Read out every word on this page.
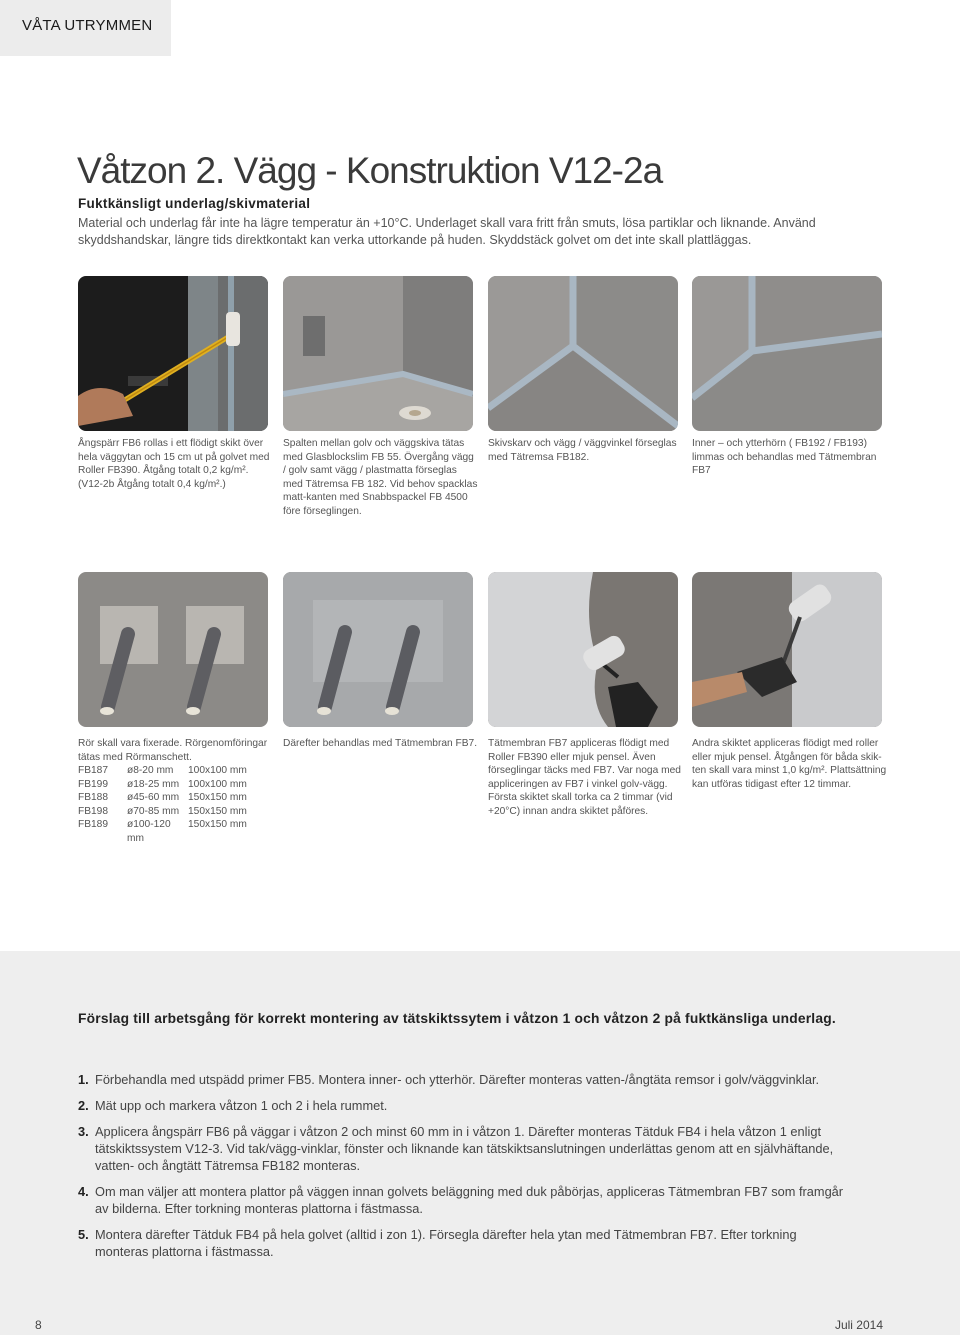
VÅTA UTRYMMEN
Våtzon 2. Vägg - Konstruktion V12-2a
Fuktkänsligt underlag/skivmaterial

Material och underlag får inte ha lägre temperatur än +10°C. Underlaget skall vara fritt från smuts, lösa partiklar och liknande. Använd skyddshandskar, längre tids direktkontakt kan verka uttorkande på huden. Skyddstäck golvet om det inte skall plattläggas.

Ångspärr FB6 rollas i ett flödigt skikt över hela väggytan och 15 cm ut på golvet med Roller FB390. Åtgång totalt 0,2 kg/m². (V12-2b Åtgång totalt 0,4 kg/m².)

Spalten mellan golv och väggskiva tätas med Glasblockslim FB 55. Övergång vägg / golv samt vägg / plastmatta förseglas med Tätremsa FB 182. Vid behov spacklas matt-kanten med Snabbspackel FB 4500 före förseglingen.

Skivskarv och vägg / väggvinkel förseglas med Tätremsa FB182.

Inner – och ytterhörn ( FB192 / FB193) limmas och behandlas med Tätmembran FB7

Rör skall vara fixerade. Rörgenomföringar tätas med Rörmanschett.

FB187	ø8-20 mm	100x100 mm
FB199	ø18-25 mm	100x100 mm
FB188	ø45-60 mm	150x150 mm
FB198	ø70-85 mm	150x150 mm
FB189	ø100-120 mm	150x150 mm

Därefter behandlas med Tätmembran FB7. Tätmembran FB7 appliceras flödigt med Roller FB390 eller mjuk pensel. Även förseglingar täcks med FB7. Var noga med appliceringen av FB7 i vinkel golv-vägg. Första skiktet skall torka ca 2 timmar (vid +20°C) innan andra skiktet påföres.

Andra skiktet appliceras flödigt med roller eller mjuk pensel. Åtgången för båda skik-ten skall vara minst 1,0 kg/m². Plattsättning kan utföras tidigast efter 12 timmar.

Förslag till arbetsgång för korrekt montering av tätskiktssytem i våtzon 1 och våtzon 2 på fuktkänsliga underlag.

1. Förbehandla med utspädd primer FB5. Montera inner- och ytterhör. Därefter monteras vatten-/ångtäta remsor i golv/väggvinklar.
2. Mät upp och markera våtzon 1 och 2 i hela rummet.
3. Applicera ångspärr FB6 på väggar i våtzon 2 och minst 60 mm in i våtzon 1. Därefter monteras Tätduk FB4 i hela våtzon 1 enligt tätskiktssystem V12-3. Vid tak/vägg-vinklar, fönster och liknande kan tätskiktsanslutningen underlättas genom att en självhäftande, vatten- och ångtätt Tätremsa FB182 monteras.
4. Om man väljer att montera plattor på väggen innan golvets beläggning med duk påbörjas, appliceras Tätmembran FB7 som framgår av bilderna. Efter torkning monteras plattorna i fästmassa.
5. Montera därefter Tätduk FB4 på hela golvet (alltid i zon 1). Försegla därefter hela ytan med Tätmembran FB7. Efter torkning monteras plattorna i fästmassa.
8	Juli 2014
